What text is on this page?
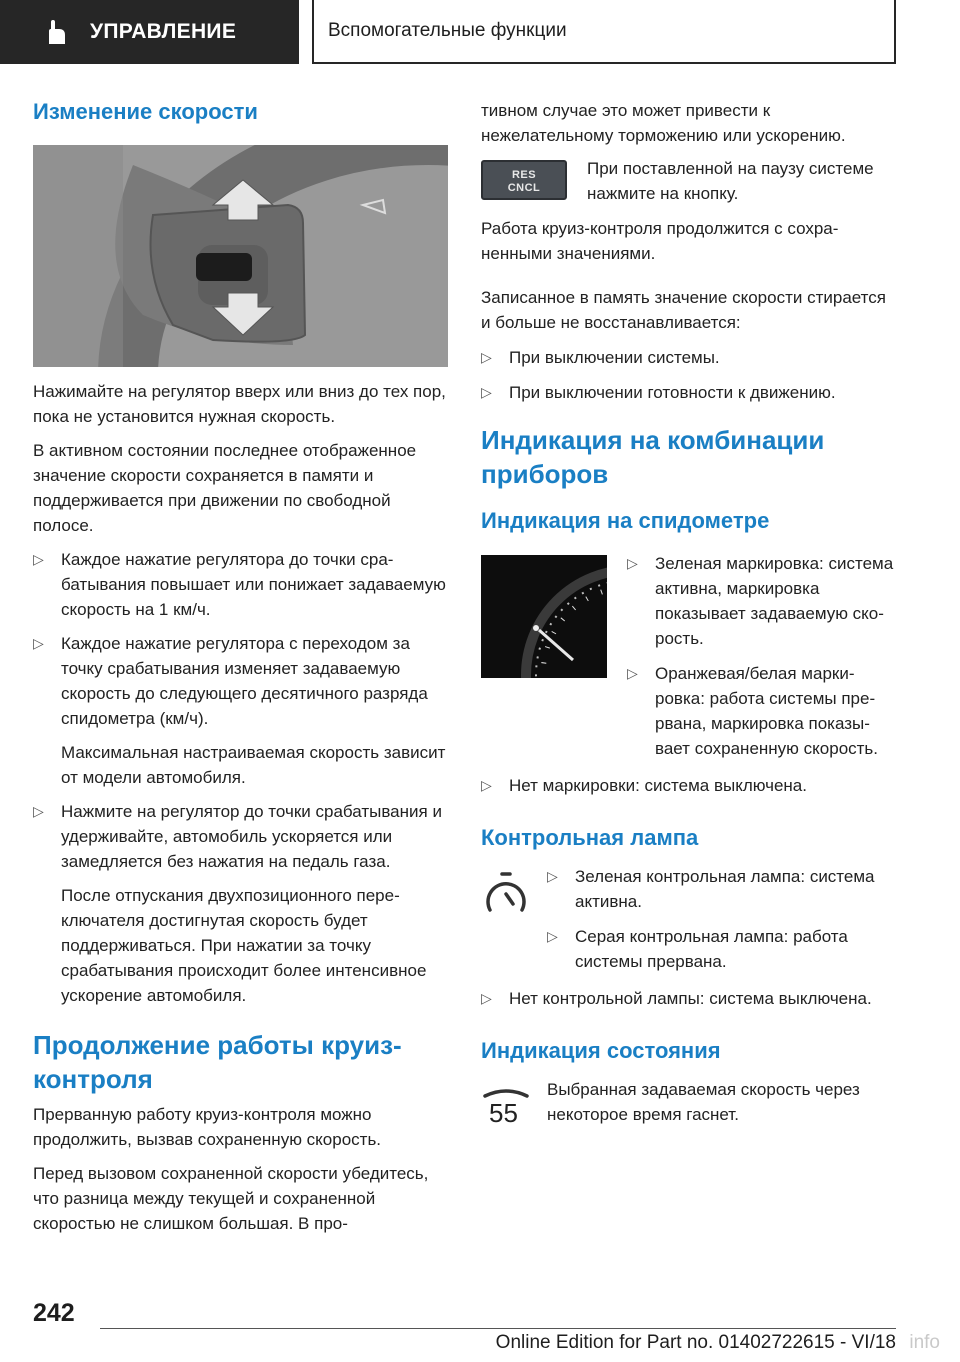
УПРАВЛЕНИЕ	Вспомогательные функции
Изменение скорости

Нажимайте на регулятор вверх или вниз до тех пор, пока не установится нужная скорость.

В активном состоянии последнее отображенное значение скорости сохраняется в памяти и поддерживается при движении по свободной полосе.

▷ Каждое нажатие регулятора до точки срабатывания повышает или понижает задаваемую скорость на 1 км/ч.
▷ Каждое нажатие регулятора с переходом за точку срабатывания изменяет задаваемую скорость до следующего десятичного разряда спидометра (км/ч).

Максимальная настраиваемая скорость зависит от модели автомобиля.

▷ Нажмите на регулятор до точки срабатывания и удерживайте, автомобиль ускоряется или замедляется без нажатия на педаль газа.

После отпускания двухпозиционного переключателя достигнутая скорость будет поддерживаться. При нажатии за точку срабатывания происходит более интенсивное ускорение автомобиля.

Продолжение работы круиз-контроля

Прерванную работу круиз-контроля можно продолжить, вызвав сохраненную скорость.

Перед вызовом сохраненной скорости убедитесь, что разница между текущей и сохраненной скоростью не слишком большая. В про-

тивном случае это может привести к нежелательному торможению или ускорению.

RES CNCL

При поставленной на паузу системе нажмите на кнопку.

Работа круиз-контроля продолжится с сохраненными значениями.

Записанное в память значение скорости стирается и больше не восстанавливается:

▷ При выключении системы.
▷ При выключении готовности к движению.
Индикация на комбинации приборов
Индикация на спидометре
▷ Зеленая маркировка: система активна, маркировка показывает задаваемую скорость.
▷ Оранжевая/белая маркировка: работа системы прервана, маркировка показывает сохраненную скорость.
▷ Нет маркировки: система выключена.
Контрольная лампа
▷ Зеленая контрольная лампа: система активна.
▷ Серая контрольная лампа: работа системы прервана.
▷ Нет контрольной лампы: система выключена.
Индикация состояния
55

Выбранная задаваемая скорость через некоторое время гаснет.

242
Online Edition for Part no. 01402722615 - VI/18 info
